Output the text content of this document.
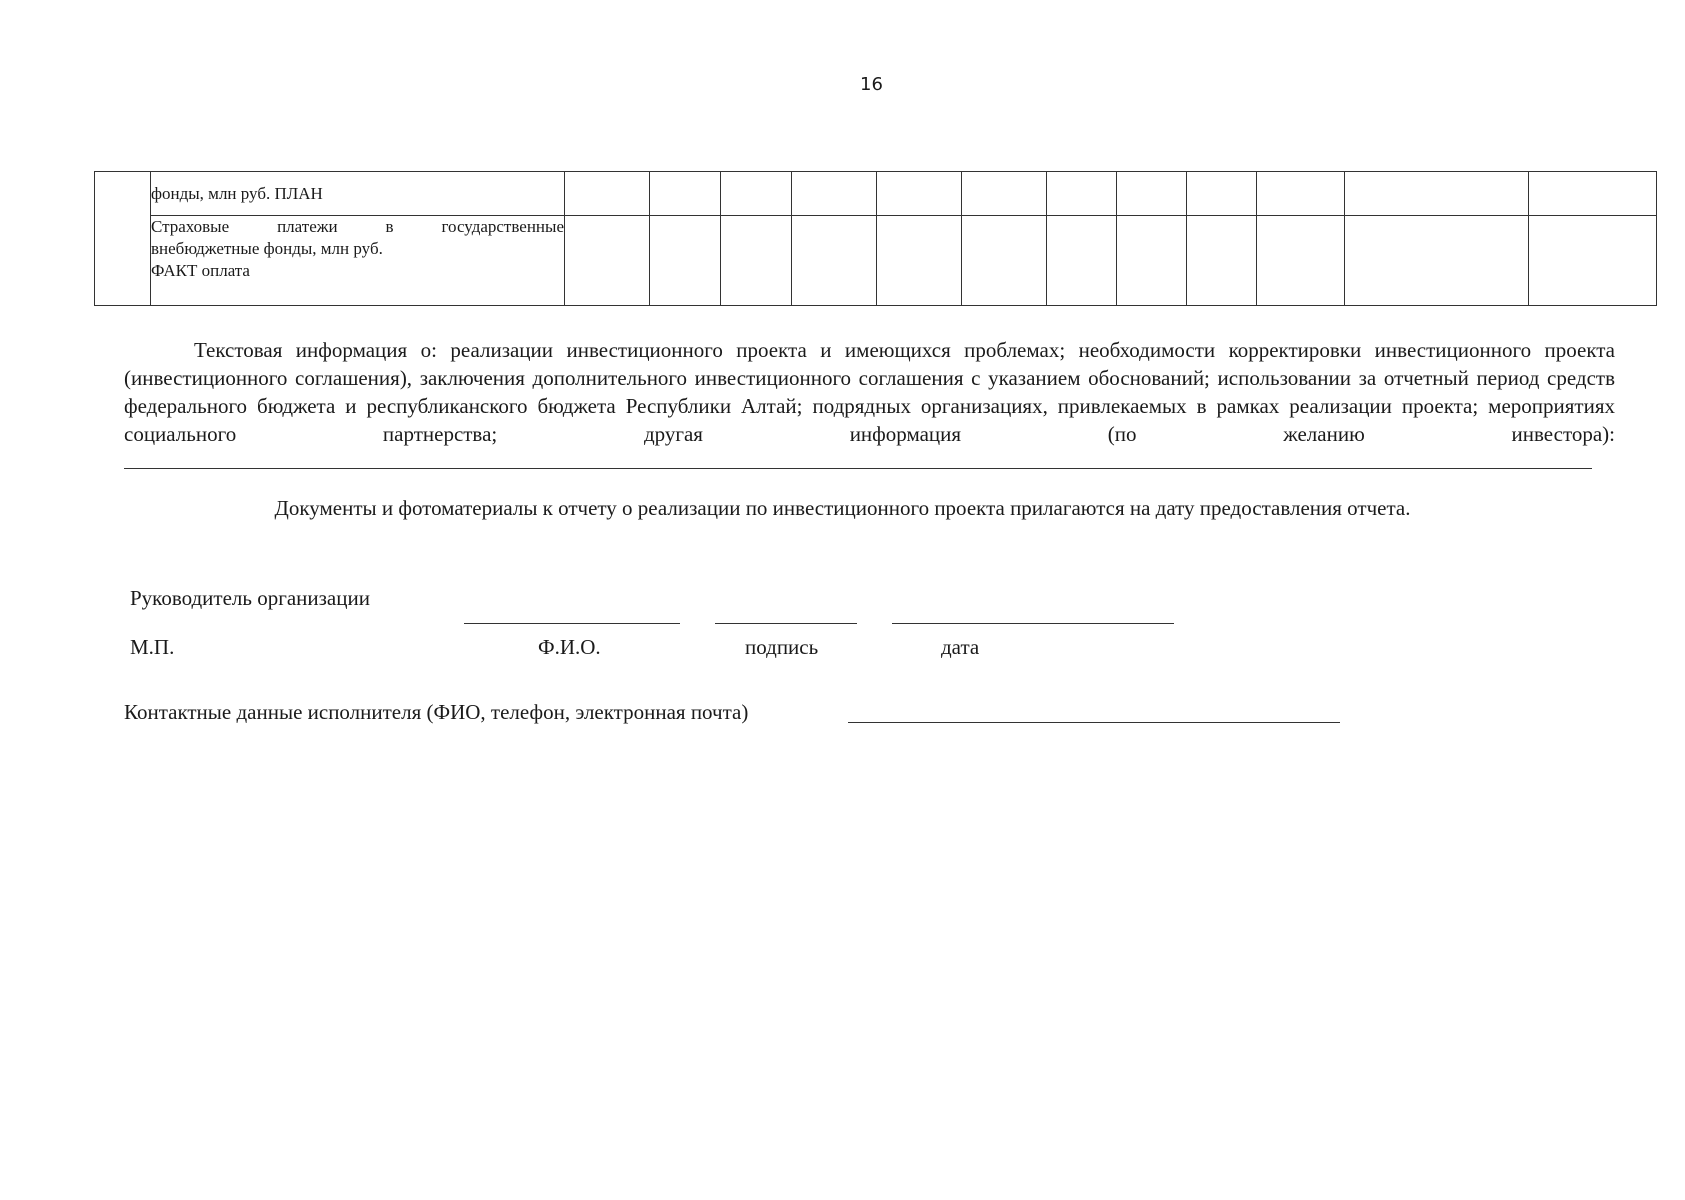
16
	фонды, млн руб. ПЛАН												

	Страховые платежи в государственные
внебюджетные фонды, млн руб.
ФАКТ оплата												

Текстовая информация о: реализации инвестиционного проекта и имеющихся проблемах; необходимости корректировки инвестиционного проекта (инвестиционного соглашения), заключения дополнительного инвестиционного соглашения с указанием обоснований; использовании за отчетный период средств федерального бюджета и республиканского бюджета Республики Алтай; подрядных организациях, привлекаемых в рамках реализации проекта; мероприятиях социального партнерства; другая информация (по желанию инвестора):

Документы и фотоматериалы к отчету о реализации по инвестиционного проекта прилагаются на дату предоставления отчета.
Руководитель организации
М.П.	Ф.И.О.	подпись	дата
Контактные данные исполнителя (ФИО, телефон, электронная почта)
